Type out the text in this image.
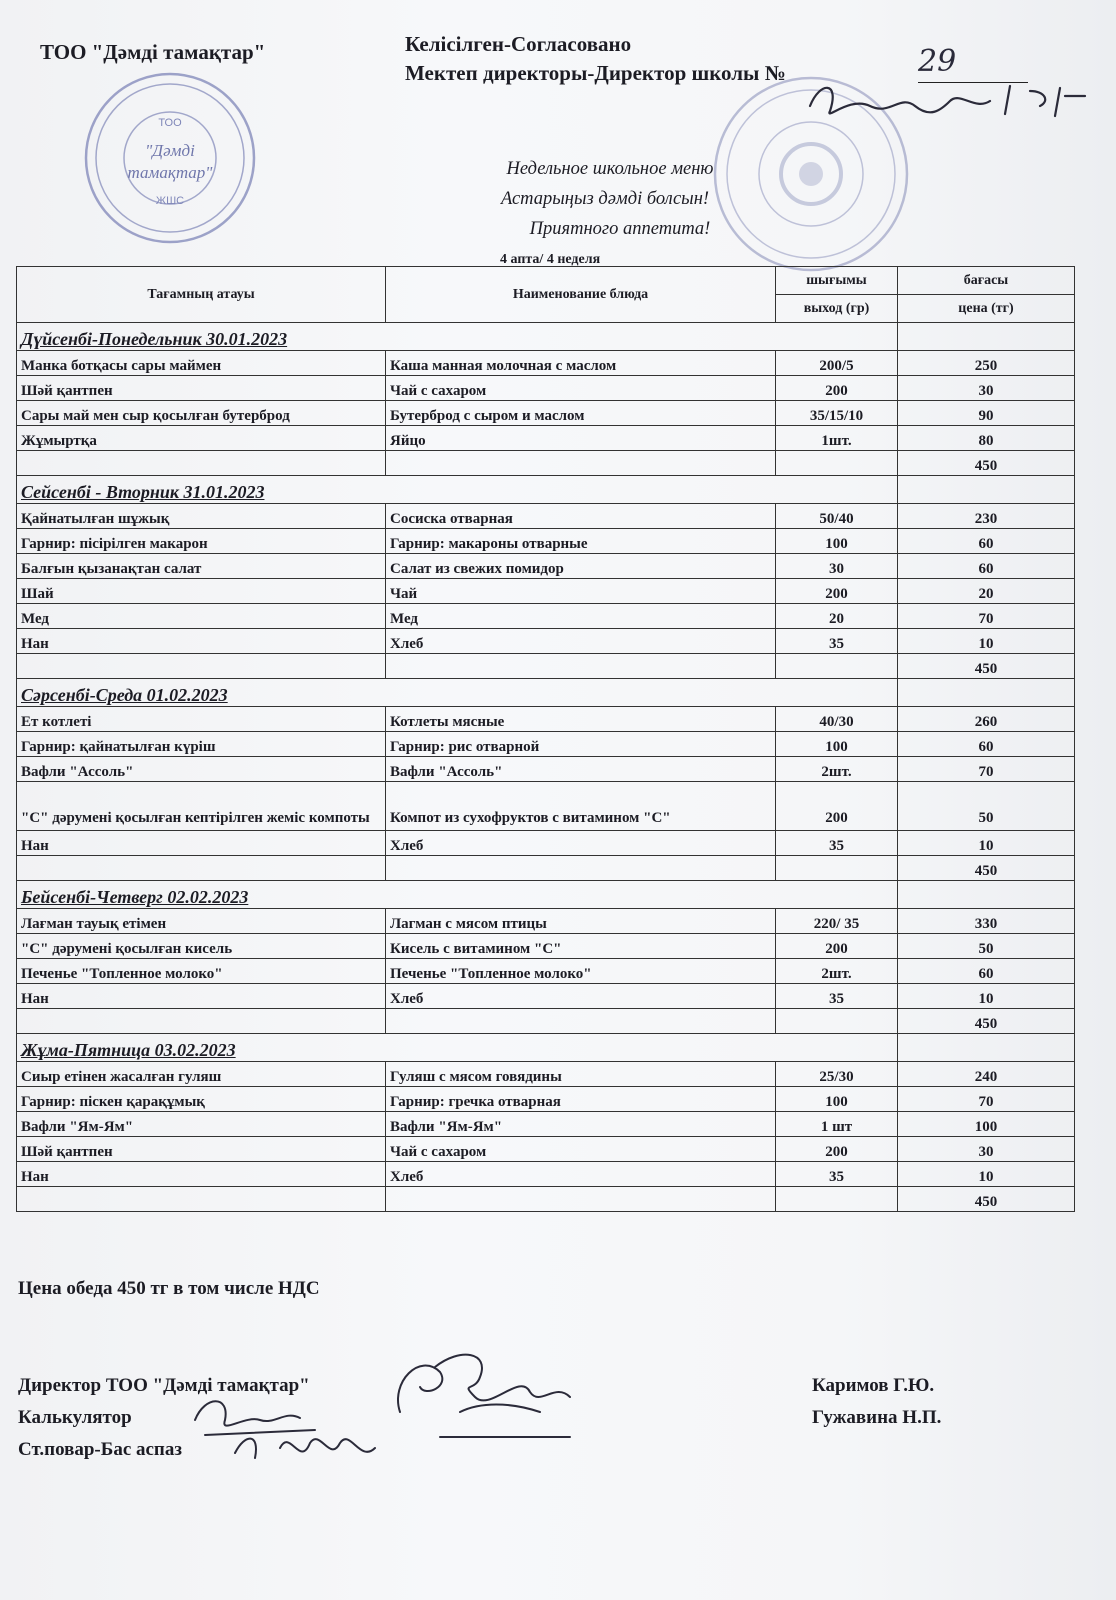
ТОО "Дәмді тамақтар"	Келісілген-Согласовано
Мектеп директоры-Директор школы №	29
ТОО
"Дәмді
тамақтар"
ЖШС
Недельное школьное меню
Астарыңыз дәмді болсын!
Приятного аппетита!
4 апта/ 4 неделя
Тағамның атауы	Наименование блюда	шығымы	бағасы
		выход (гр)	цена (тг)
Дүйсенбі-Понедельник 30.01.2023			
Манка ботқасы сары маймен	Каша манная молочная с маслом	200/5	250
Шәй қантпен	Чай с сахаром	200	30
Сары май мен сыр қосылған бутерброд	Бутерброд с сыром и маслом	35/15/10	90
Жұмыртқа	Яйцо	1шт.	80
			450
Сейсенбі - Вторник 31.01.2023			
Қайнатылған шұжық	Сосиска отварная	50/40	230
Гарнир: пісірілген макарон	Гарнир: макароны отварные	100	60
Балғын қызанақтан салат	Салат из свежих помидор	30	60
Шай	Чай	200	20
Мед	Мед	20	70
Нан	Хлеб	35	10
			450
Сәрсенбі-Среда 01.02.2023			
Ет котлеті	Котлеты мясные	40/30	260
Гарнир: қайнатылған күріш	Гарнир: рис отварной	100	60
Вафли "Ассоль"	Вафли "Ассоль"	2шт.	70
"С" дәрумені қосылған кептірілген жеміс компоты	Компот из сухофруктов с витамином "С"	200	50
Нан	Хлеб	35	10
			450
Бейсенбі-Четверг 02.02.2023			
Лағман тауық етімен	Лагман с мясом птицы	220/ 35	330
"С" дәрумені қосылған кисель	Кисель с витамином "С"	200	50
Печенье "Топленное молоко"	Печенье "Топленное молоко"	2шт.	60
Нан	Хлеб	35	10
			450
Жұма-Пятница 03.02.2023			
Сиыр етінен жасалған гуляш	Гуляш с мясом говядины	25/30	240
Гарнир: піскен қарақұмық	Гарнир: гречка отварная	100	70
Вафли "Ям-Ям"	Вафли "Ям-Ям"	1 шт	100
Шәй қантпен	Чай с сахаром	200	30
Нан	Хлеб	35	10
			450
Цена обеда 450 тг в том числе НДС
Директор ТОО "Дәмді тамақтар"
Калькулятор
Ст.повар-Бас аспаз
Каримов Г.Ю.
Гужавина Н.П.
